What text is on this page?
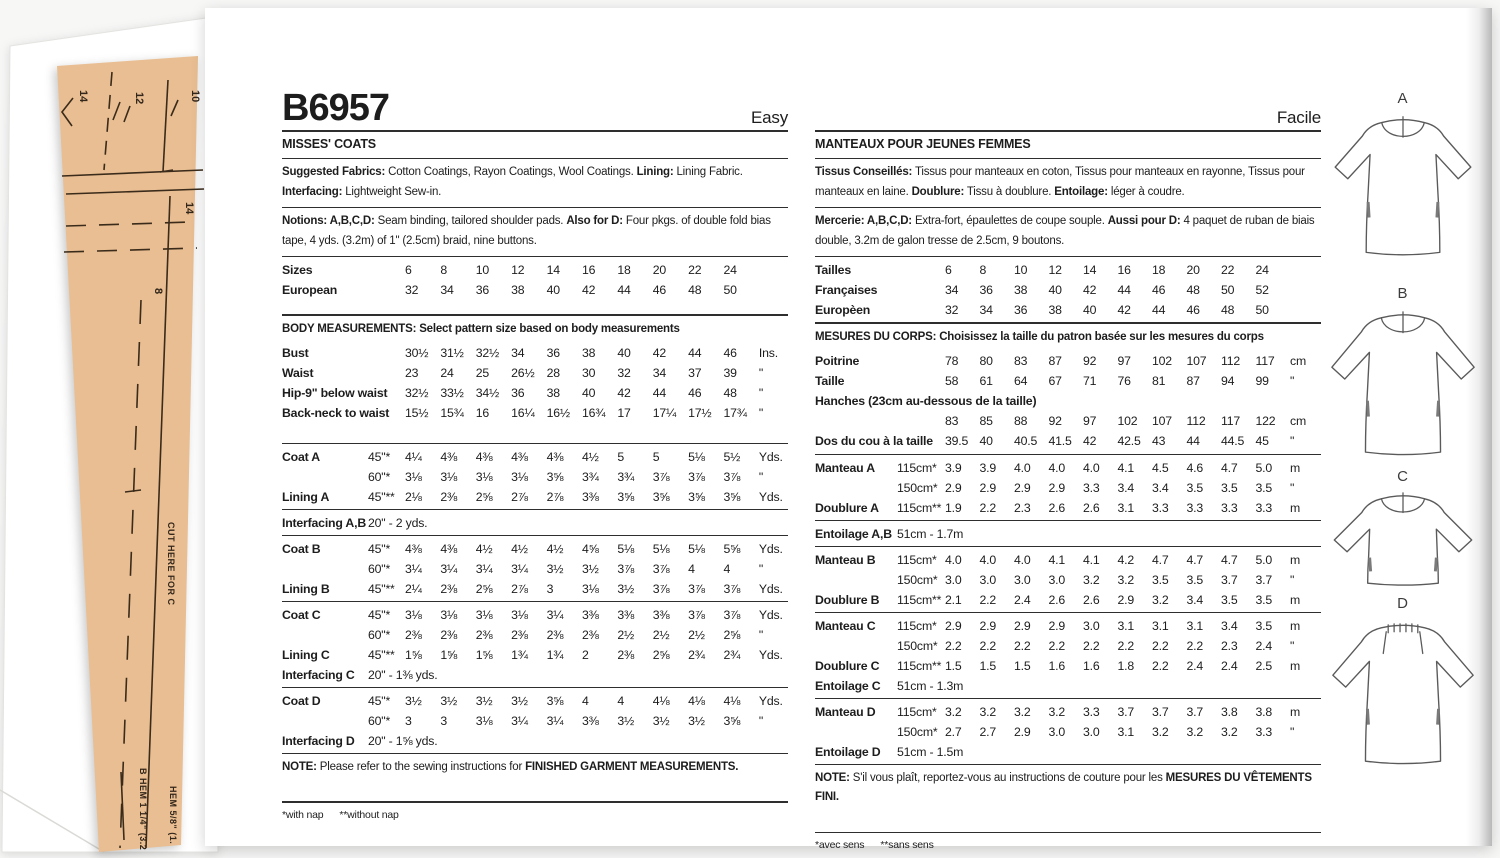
14	12	10
14
8
CUT HERE FOR C
B HEM 1 1/4" (3.2 HEM 5/8" (1.
B6957	Easy
MISSES' COATS

Suggested Fabrics: Cotton Coatings, Rayon Coatings, Wool Coatings. Lining: Lining Fabric.
Interfacing: Lightweight Sew-in.

Notions: A,B,C,D: Seam binding, tailored shoulder pads. Also for D: Four pkgs. of double fold bias tape, 4 yds. (3.2m) of 1" (2.5cm) braid, nine buttons.

Sizes	6	8	10	12	14	16	18	20	22	24
European	32	34	36	38	40	42	44	46	48	50

BODY MEASUREMENTS: Select pattern size based on body measurements

Bust	30½ 31½ 32½ 34	36	38	40	42	44	46	Ins.
Waist	23	24	25	26½ 28	30	32	34	37	39	"
Hip-9" below waist 32½ 33½ 34½ 36	38	40	42	44	46	48	"
Back-neck to waist 15½ 15¾ 16	16¼ 16½ 16¾ 17	17¼ 17½ 17¾ "
Coat A	45"*	4¼	4⅜	4⅜	4⅜	4⅜	4½	5	5	5⅛	5½	Yds.
60"*	3⅛	3⅛	3⅛	3⅛	3⅝	3¾	3¾	3⅞	3⅞	3⅞	"
Lining A	45"** 2⅛	2⅜	2⅝	2⅞	2⅞	3⅜	3⅝	3⅝	3⅝	3⅝	Yds.
Interfacing A,B 20" - 2 yds.
Coat B	45"*	4⅜	4⅜	4½	4½	4½	4⅝	5⅛	5⅛	5⅛	5⅝	Yds.
60"*	3¼	3¼	3¼	3¼	3½	3½	3⅞	3⅞	4	4	"
Lining B	45"** 2¼	2⅜	2⅝	2⅞	3	3⅛	3½	3⅞	3⅞	3⅞	Yds.
Coat C	45"*	3⅛	3⅛	3⅛	3⅛	3¼	3⅜	3⅜	3⅜	3⅞	3⅞	Yds.
60"*	2⅜	2⅜	2⅜	2⅜	2⅜	2⅜	2½	2½	2½	2⅝	"
Lining C	45"** 1⅝	1⅝	1⅝	1¾	1¾	2	2⅜	2⅝	2¾	2¾	Yds.
Interfacing C	20" - 1⅜ yds.
Coat D	45"*	3½	3½	3½	3½	3⅝	4	4	4⅛	4⅛	4⅛	Yds.
60"*	3	3	3⅛	3¼	3¼	3⅜	3½	3½	3½	3⅝	"
Interfacing D	20" - 1⅝ yds.

NOTE: Please refer to the sewing instructions for FINISHED GARMENT MEASUREMENTS.

*with nap **without nap

Facile
MANTEAUX POUR JEUNES FEMMES

Tissus Conseillés: Tissus pour manteaux en coton, Tissus pour manteaux en rayonne, Tissus pour manteaux en laine. Doublure: Tissu à doublure. Entoilage: léger à coudre.

Mercerie: A,B,C,D: Extra-fort, épaulettes de coupe souple. Aussi pour D: 4 paquet de ruban de biais double, 3.2m de galon tresse de 2.5cm, 9 boutons.

Tailles	6	8	10	12	14	16	18	20	22	24
Françaises	34	36	38	40	42	44	46	48	50	52
Europèen	32	34	36	38	40	42	44	46	48	50

MESURES DU CORPS: Choisissez la taille du patron basée sur les mesures du corps

Poitrine	78	80	83	87	92	97	102	107	112	117	cm
Taille	58	61	64	67	71	76	81	87	94	99	"
Hanches (23cm au-dessous de la taille)
83	85	88	92	97	102	107	112	117	122	cm
Dos du cou à la taille 39.5 40	40.5 41.5 42	42.5 43	44	44.5 45	"
Manteau A	115cm* 3.9	3.9	4.0	4.0	4.0	4.1	4.5	4.6	4.7	5.0	m
150cm* 2.9	2.9	2.9	2.9	3.3	3.4	3.4	3.5	3.5	3.5	"
Doublure A	115cm** 1.9	2.2	2.3	2.6	2.6	3.1	3.3	3.3	3.3	3.3	m
Entoilage A,B 51cm - 1.7m
Manteau B	115cm* 4.0	4.0	4.0	4.1	4.1	4.2	4.7	4.7	4.7	5.0	m
150cm* 3.0	3.0	3.0	3.0	3.2	3.2	3.5	3.5	3.7	3.7	"
Doublure B	115cm** 2.1	2.2	2.4	2.6	2.6	2.9	3.2	3.4	3.5	3.5	m
Manteau C	115cm* 2.9	2.9	2.9	2.9	3.0	3.1	3.1	3.1	3.4	3.5	m
150cm* 2.2	2.2	2.2	2.2	2.2	2.2	2.2	2.2	2.3	2.4	"
Doublure C	115cm** 1.5	1.5	1.5	1.6	1.6	1.8	2.2	2.4	2.4	2.5	m
Entoilage C	51cm - 1.3m
Manteau D	115cm* 3.2	3.2	3.2	3.2	3.3	3.7	3.7	3.7	3.8	3.8	m
150cm* 2.7	2.7	2.9	3.0	3.0	3.1	3.2	3.2	3.2	3.3	"
Entoilage D	51cm - 1.5m

NOTE: S'il vous plaît, reportez-vous au instructions de couture pour les MESURES DU VÊTEMENTS FINI.

*avec sens **sans sens

A
B
C
D
